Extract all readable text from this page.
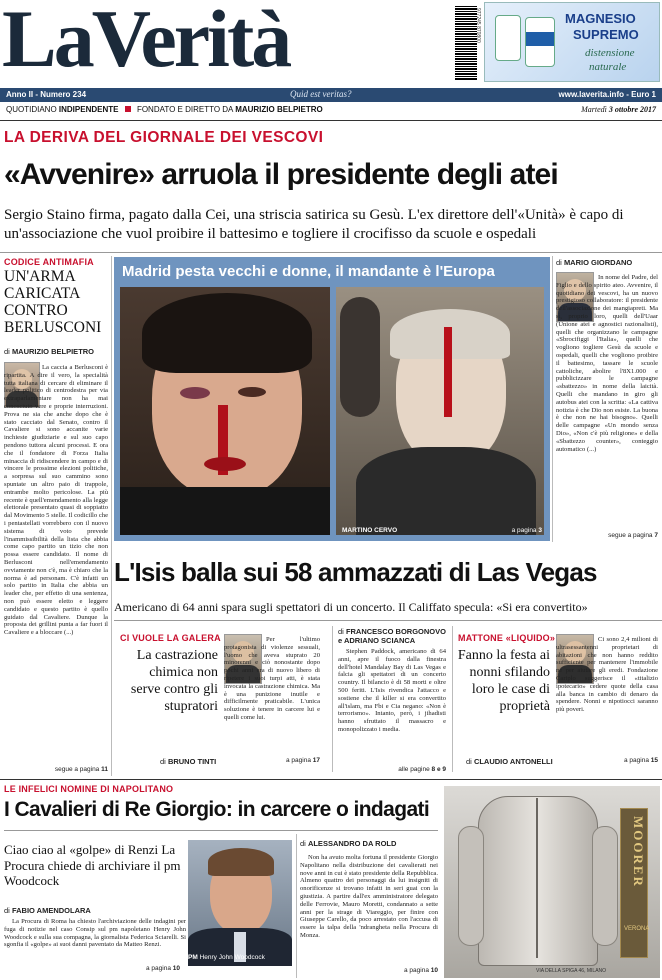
LaVerità	977245 870800	MAGNESIO
SUPREMO
distensione
naturale
Anno II - Numero 234	Quid est veritas?	www.laverita.info - Euro 1
QUOTIDIANO INDIPENDENTE FONDATO E DIRETTO DA MAURIZIO BELPIETRO	Martedì 3 ottobre 2017
LA DERIVA DEL GIORNALE DEI VESCOVI
«Avvenire» arruola il presidente degli atei
Sergio Staino firma, pagato dalla Cei, una striscia satirica su Gesù. L'ex direttore dell'«Unità» è capo di un'associazione che vuol proibire il battesimo e togliere il crocifisso da scuole e ospedali
CODICE ANTIMAFIA
UN'ARMA CARICATA CONTRO BERLUSCONI
di MAURIZIO BELPIETRO
La caccia a Berlusconi è ripartita. A dire il vero, la specialità tutta italiana di cercare di eliminare il leader politico di centrodestra per via extraparlamentare non ha mai conosciuto vere e proprie interruzioni. Prova ne sia che anche dopo che è stato cacciato dal Senato, contro il Cavaliere si sono accanite varie inchieste giudiziarie e sul suo capo pendono tuttora alcuni processi. E ora che il fondatore di Forza Italia minaccia di ridiscendere in campo e di vincere le prossime elezioni politiche, a sorpresa sul suo cammino sono spuntate un altro paio di trappole, entrambe molto pericolose. La più recente è quell'emendamento alla legge elettorale presentato quasi di soppiatto dal Movimento 5 stelle. Il codicillo che i pentastellati vorrebbero con il nuovo sistema di voto prevede l'inammissibilità della lista che abbia come capo partito un tizio che non possa essere candidato. Il nome di Berlusconi nell'emendamento ovviamente non c'è, ma è chiaro che la norma è ad personam. C'è infatti un solo partito in Italia che abbia un leader che, per effetto di una sentenza, non può essere eletto e leggere candidato e questo partito è quello guidato dal Cavaliere. Dunque la proposta dei grillini punta a far fuori il Cavaliere e a bloccare (...)
segue a pagina 11
Madrid pesta vecchi e donne, il mandante è l'Europa
MARTINO CERVO	a pagina 3
di MARIO GIORDANO
In nome del Padre, del Figlio e dello spirito ateo. Avvenire, il quotidiano dei vescovi, ha un nuovo prestigioso collaboratore: il presidente dell'associazione dei mangiapreti. Ma sì, proprio loro, quelli dell'Uaar (Unione atei e agnostici razionalisti), quelli che organizzano le campagne «Sbrocifiggi l'Italia», quelli che vogliono togliere Gesù da scuole e ospedali, quelli che vogliono proibire il battesimo, tassare le scuole cattoliche, abolire l'8X1.000 e pubblicizzare le campagne «sbattezzo» in nome della laicità. Quelli che mandano in giro gli autobus atei con la scritta: «La cattiva notizia è che Dio non esiste. La buona è che non ne hai bisogno». Quelli delle campagne «Un mondo senza Dio», «Non c'è più religione» e della «Sbattezzo counter», conteggio automatico (...)
segue a pagina 7
L'Isis balla sui 58 ammazzati di Las Vegas
Americano di 64 anni spara sugli spettatori di un concerto. Il Califfato specula: «Si era convertito»
CI VUOLE LA GALERA
La castrazione chimica non serve contro gli stupratori
Per l'ultimo protagonista di violenze sessuali, l'uomo che aveva stuprato 20 minorenni e ciò nonostante dopo pochi anni era di nuovo libero di ripetere i suoi turpi atti, è stata invocata la castrazione chimica. Ma è una punizione inutile e difficilmente praticabile. L'unica soluzione è tenere in carcere lui e quelli come lui.
di BRUNO TINTI	a pagina 17
di FRANCESCO BORGONOVO
e ADRIANO SCIANCA
Stephen Paddock, americano di 64 anni, apre il fuoco dalla finestra dell'hotel Mandalay Bay di Las Vegas e falcia gli spettatori di un concerto country. Il bilancio è di 58 morti e oltre 500 feriti. L'Isis rivendica l'attacco e sostiene che il killer si era convertito all'islam, ma Fbi e Cia negano: «Non è terrorismo». Intanto, però, i jihadisti hanno sfruttato il massacro e monopolizzato i media.
alle pagine 8 e 9
MATTONE «LIQUIDO»
Fanno la festa ai nonni sfilando loro le case di proprietà
Ci sono 2,4 milioni di ultrasessantenni proprietari di abitazioni che non hanno reddito sufficiente per mantenere l'immobile né per aiutare gli eredi. Fondazione Cariplo suggerisce il «titalizio ipotecario» cedere quote della casa alla banca in cambio di denaro da spendere. Nonni e nipotiocci saranno più poveri.
di CLAUDIO ANTONELLI	a pagina 15
LE INFELICI NOMINE DI NAPOLITANO
I Cavalieri di Re Giorgio: in carcere o indagati
Ciao ciao al «golpe» di Renzi La Procura chiede di archiviare il pm Woodcock
di FABIO AMENDOLARA
La Procura di Roma ha chiesto l'archiviazione delle indagini per fuga di notizie nel caso Consip sul pm napoletano Henry John Woodcock e sulla sua compagna, la giornalista Federica Sciarelli. Si sgonfia il «golpe» ai suoi danni paventato da Matteo Renzi.
a pagina 10
PM Henry John Woodcock
di ALESSANDRO DA ROLD
Non ha avuto molta fortuna il presidente Giorgio Napolitano nella distribuzione dei cavalierati nei nove anni in cui è stato presidente della Repubblica. Almeno quattro dei personaggi da lui insigniti di onorificenze si trovano infatti in seri guai con la giustizia. A partire dall'ex amministratore delegato delle Ferrovie, Mauro Moretti, condannato a sette anni per la strage di Viareggio, per finire con Giuseppe Carello, da poco arrestato con l'accusa di essere la talpa della 'ndrangheta nella Procura di Monza.
a pagina 10
MOORER
VERONA
VIA DELLA SPIGA 46, MILANO
